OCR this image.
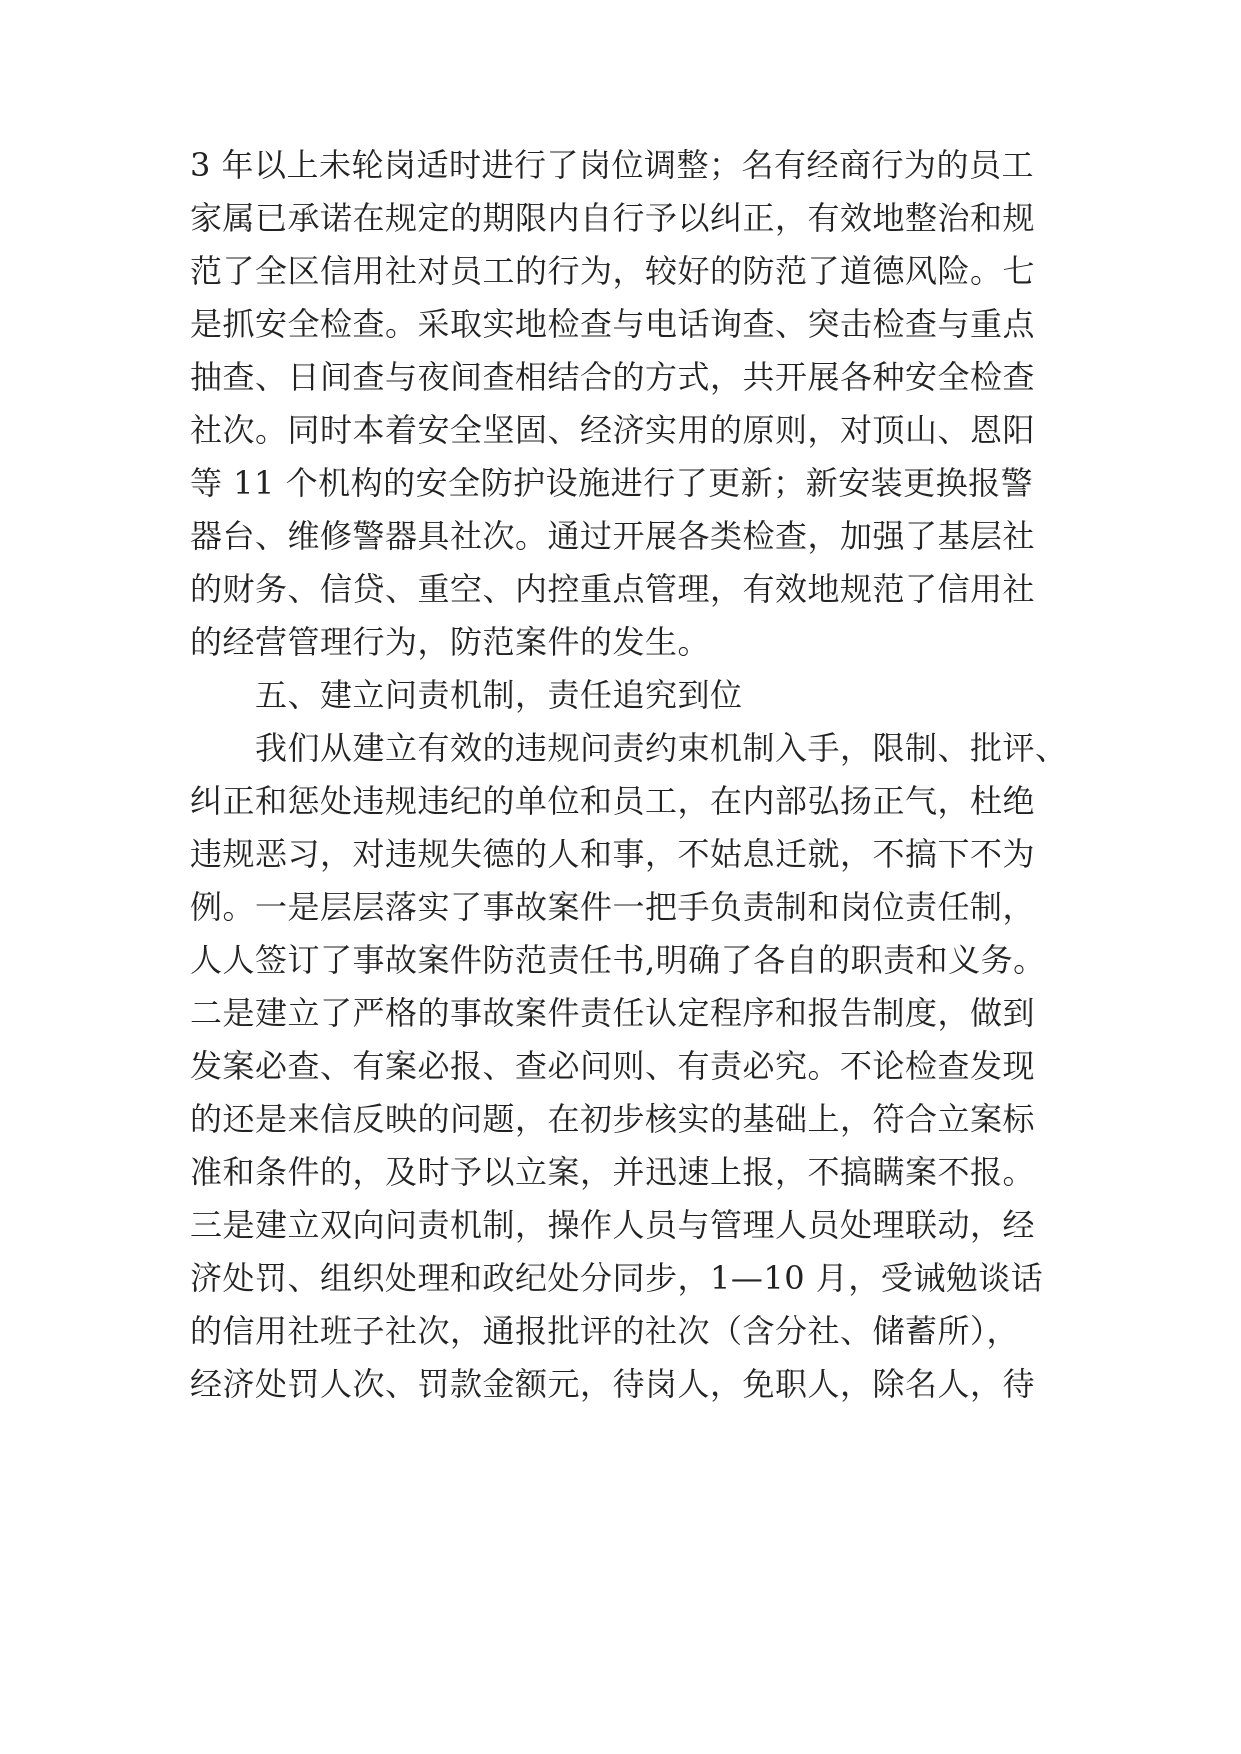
3 年以上未轮岗适时进行了岗位调整；名有经商行为的员工
家属已承诺在规定的期限内自行予以纠正，有效地整治和规
范了全区信用社对员工的行为，较好的防范了道德风险。七
是抓安全检查。采取实地检查与电话询查、突击检查与重点
抽查、日间查与夜间查相结合的方式，共开展各种安全检查
社次。同时本着安全坚固、经济实用的原则，对顶山、恩阳
等 11 个机构的安全防护设施进行了更新；新安装更换报警
器台、维修警器具社次。通过开展各类检查，加强了基层社
的财务、信贷、重空、内控重点管理，有效地规范了信用社
的经营管理行为，防范案件的发生。
五、建立问责机制，责任追究到位
我们从建立有效的违规问责约束机制入手，限制、批评、
纠正和惩处违规违纪的单位和员工，在内部弘扬正气，杜绝
违规恶习，对违规失德的人和事，不姑息迁就，不搞下不为
例。一是层层落实了事故案件一把手负责制和岗位责任制，
人人签订了事故案件防范责任书,明确了各自的职责和义务。
二是建立了严格的事故案件责任认定程序和报告制度，做到
发案必查、有案必报、查必问则、有责必究。不论检查发现
的还是来信反映的问题，在初步核实的基础上，符合立案标
准和条件的，及时予以立案，并迅速上报，不搞瞒案不报。
三是建立双向问责机制，操作人员与管理人员处理联动，经
济处罚、组织处理和政纪处分同步，1—10 月，受诫勉谈话
的信用社班子社次，通报批评的社次（含分社、储蓄所），
经济处罚人次、罚款金额元，待岗人，免职人，除名人，待
